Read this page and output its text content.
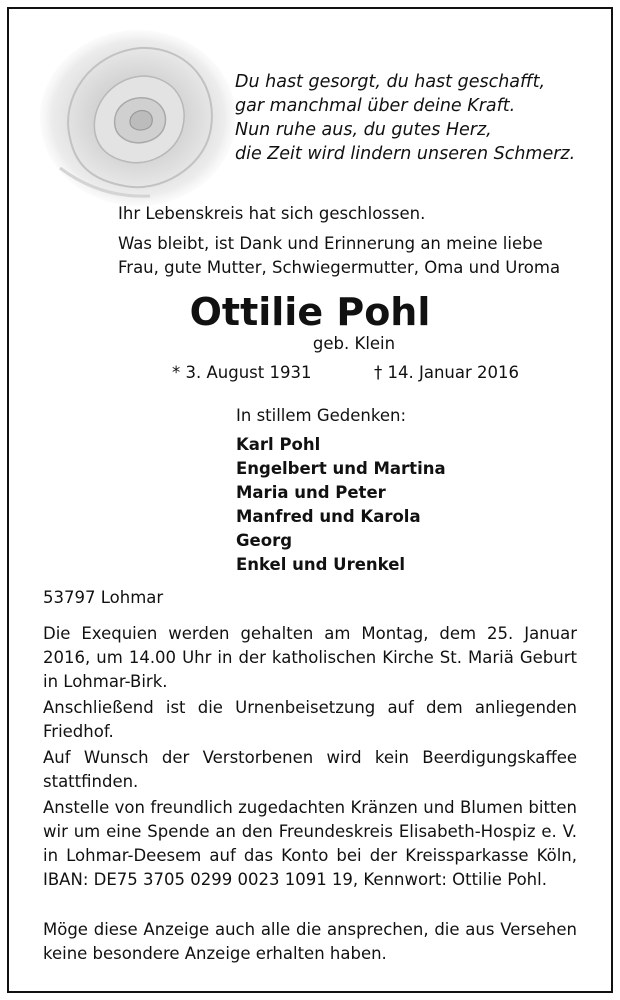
Du hast gesorgt, du hast geschafft,
gar manchmal über deine Kraft.
Nun ruhe aus, du gutes Herz,
die Zeit wird lindern unseren Schmerz.
Ihr Lebenskreis hat sich geschlossen.
Was bleibt, ist Dank und Erinnerung an meine liebe Frau, gute Mutter, Schwiegermutter, Oma und Uroma
Ottilie Pohl
geb. Klein
* 3. August 1931	† 14. Januar 2016
In stillem Gedenken:
Karl Pohl
Engelbert und Martina
Maria und Peter
Manfred und Karola
Georg
Enkel und Urenkel
53797 Lohmar
Die Exequien werden gehalten am Montag, dem 25. Januar 2016, um 14.00 Uhr in der katholischen Kirche St. Mariä Geburt in Lohmar-Birk.
Anschließend ist die Urnenbeisetzung auf dem anliegenden Friedhof.
Auf Wunsch der Verstorbenen wird kein Beerdigungskaffee stattfinden.
Anstelle von freundlich zugedachten Kränzen und Blumen bitten wir um eine Spende an den Freundeskreis Elisabeth-Hospiz e. V. in Lohmar-Deesem auf das Konto bei der Kreissparkasse Köln, IBAN: DE75 3705 0299 0023 1091 19, Kennwort: Ottilie Pohl.
Möge diese Anzeige auch alle die ansprechen, die aus Versehen keine besondere Anzeige erhalten haben.
